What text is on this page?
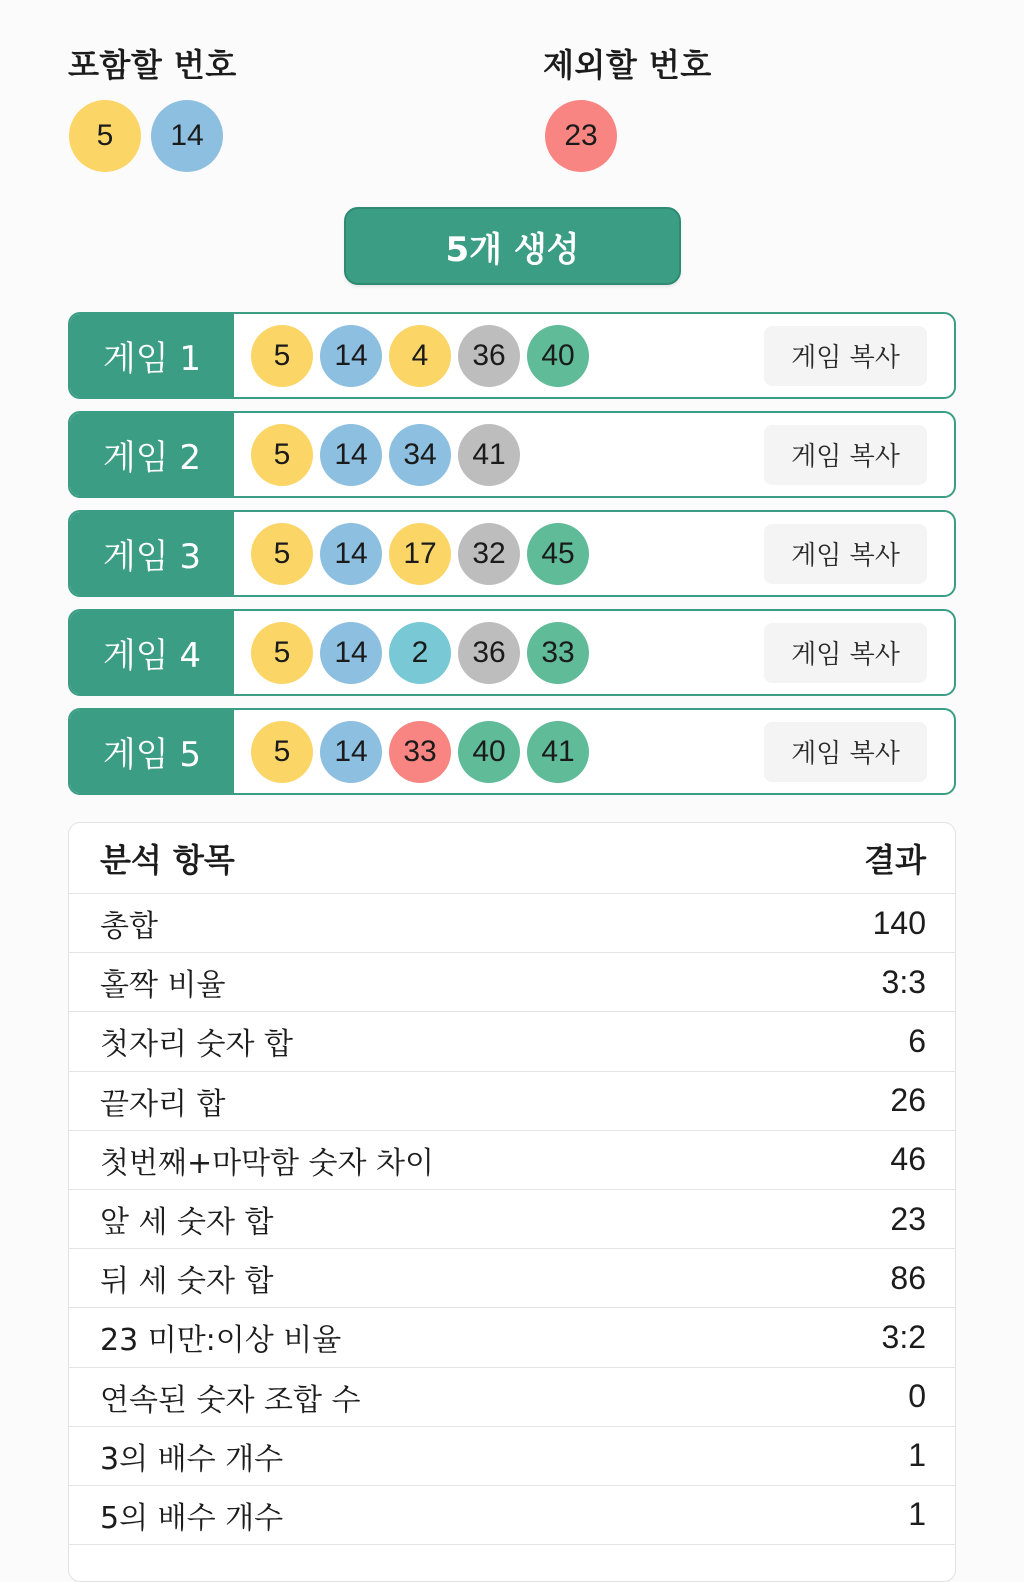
포함할 번호
5	14
제외할 번호
23
5개 생성
게임 1	5	14	4	36	40	게임 복사
게임 2	5	14	34	41	게임 복사
게임 3	5	14	17	32	45	게임 복사
게임 4	5	14	2	36	33	게임 복사
게임 5	5	14	33	40	41	게임 복사
분석 항목	결과
총합	140
홀짝 비율	3:3
첫자리 숫자 합	6
끝자리 합	26
첫번째+마막함 숫자 차이	46
앞 세 숫자 합	23
뒤 세 숫자 합	86
23 미만:이상 비율	3:2
연속된 숫자 조합 수	0
3의 배수 개수	1
5의 배수 개수	1
